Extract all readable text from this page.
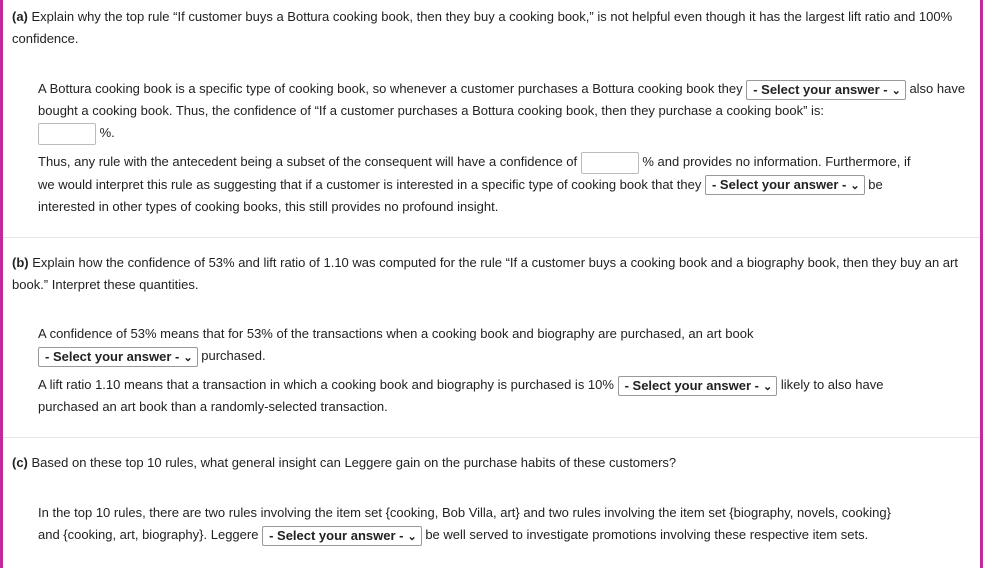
(a) Explain why the top rule “If customer buys a Bottura cooking book, then they buy a cooking book,” is not helpful even though it has the largest lift ratio and 100% confidence.
A Bottura cooking book is a specific type of cooking book, so whenever a customer purchases a Bottura cooking book they - Select your answer - ⌄ also have bought a cooking book. Thus, the confidence of “If a customer purchases a Bottura cooking book, then they purchase a cooking book” is:
%.
Thus, any rule with the antecedent being a subset of the consequent will have a confidence of	% and provides no information. Furthermore, if
we would interpret this rule as suggesting that if a customer is interested in a specific type of cooking book that they - Select your answer - ⌄ be
interested in other types of cooking books, this still provides no profound insight.
(b) Explain how the confidence of 53% and lift ratio of 1.10 was computed for the rule “If a customer buys a cooking book and a biography book, then they buy an art book.” Interpret these quantities.
A confidence of 53% means that for 53% of the transactions when a cooking book and biography are purchased, an art book
- Select your answer - ⌄ purchased.
A lift ratio 1.10 means that a transaction in which a cooking book and biography is purchased is 10% - Select your answer - ⌄ likely to also have
purchased an art book than a randomly-selected transaction.
(c) Based on these top 10 rules, what general insight can Leggere gain on the purchase habits of these customers?
In the top 10 rules, there are two rules involving the item set {cooking, Bob Villa, art} and two rules involving the item set {biography, novels, cooking}
and {cooking, art, biography}. Leggere - Select your answer - ⌄ be well served to investigate promotions involving these respective item sets.
